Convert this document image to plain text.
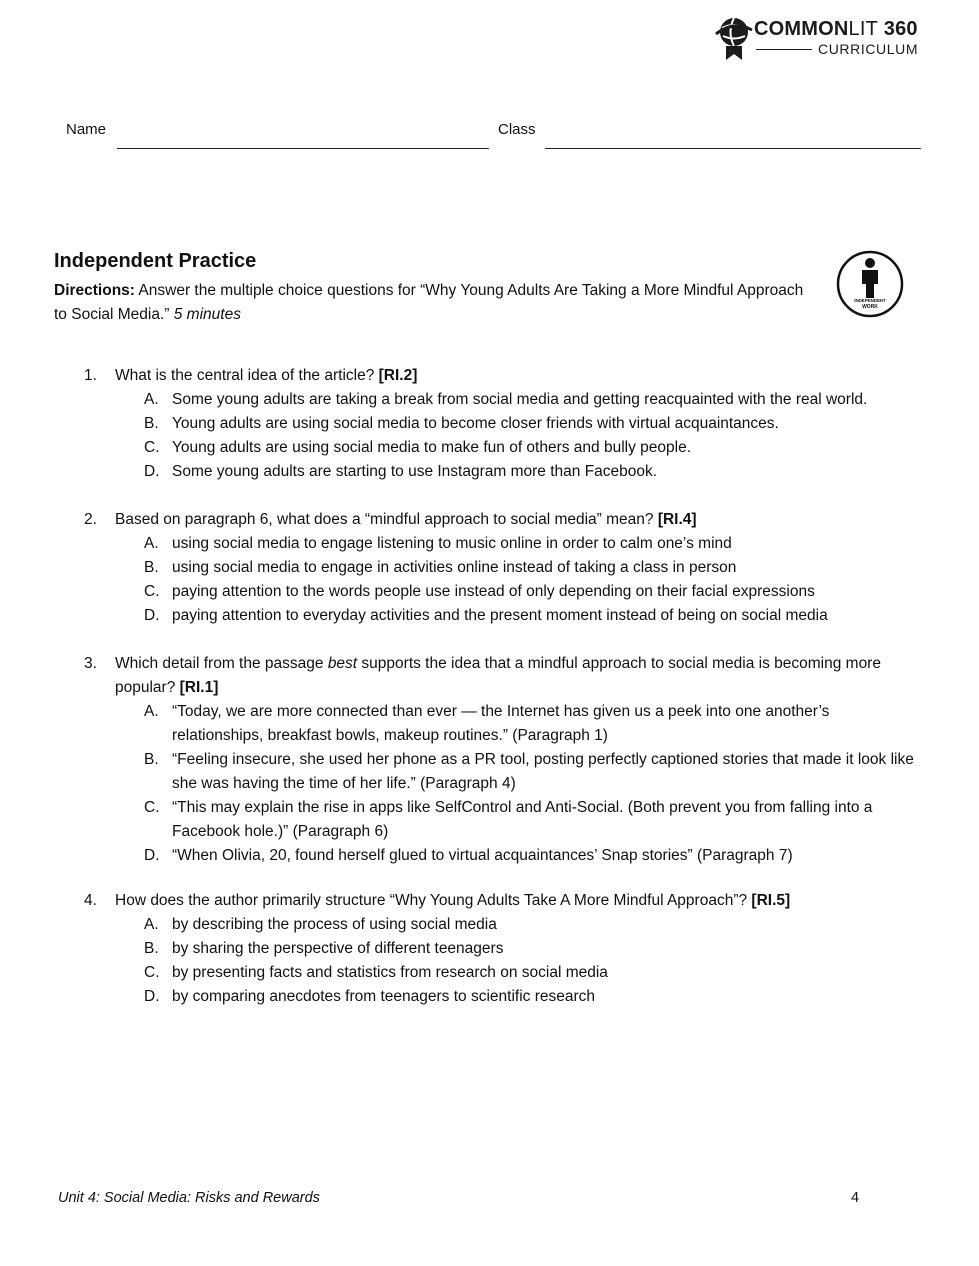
COMMONLIT 360
CURRICULUM
Name	Class
Independent Practice
Directions: Answer the multiple choice questions for “Why Young Adults Are Taking a More Mindful Approach to Social Media.” 5 minutes
INDEPENDENT
WORK
1.	What is the central idea of the article? [RI.2]
A. Some young adults are taking a break from social media and getting reacquainted with the real world.
B. Young adults are using social media to become closer friends with virtual acquaintances.
C. Young adults are using social media to make fun of others and bully people.
D. Some young adults are starting to use Instagram more than Facebook.
2.	Based on paragraph 6, what does a “mindful approach to social media” mean? [RI.4]
A. using social media to engage listening to music online in order to calm one’s mind
B. using social media to engage in activities online instead of taking a class in person
C. paying attention to the words people use instead of only depending on their facial expressions
D. paying attention to everyday activities and the present moment instead of being on social media
3.	Which detail from the passage best supports the idea that a mindful approach to social media is becoming more popular? [RI.1]
A. “Today, we are more connected than ever — the Internet has given us a peek into one another’s relationships, breakfast bowls, makeup routines.” (Paragraph 1)
B. “Feeling insecure, she used her phone as a PR tool, posting perfectly captioned stories that made it look like she was having the time of her life.” (Paragraph 4)
C. “This may explain the rise in apps like SelfControl and Anti-Social. (Both prevent you from falling into a Facebook hole.)” (Paragraph 6)
D. “When Olivia, 20, found herself glued to virtual acquaintances’ Snap stories” (Paragraph 7)
4.	How does the author primarily structure “Why Young Adults Take A More Mindful Approach”? [RI.5]
A. by describing the process of using social media
B. by sharing the perspective of different teenagers
C. by presenting facts and statistics from research on social media
D. by comparing anecdotes from teenagers to scientific research
Unit 4: Social Media: Risks and Rewards	4
